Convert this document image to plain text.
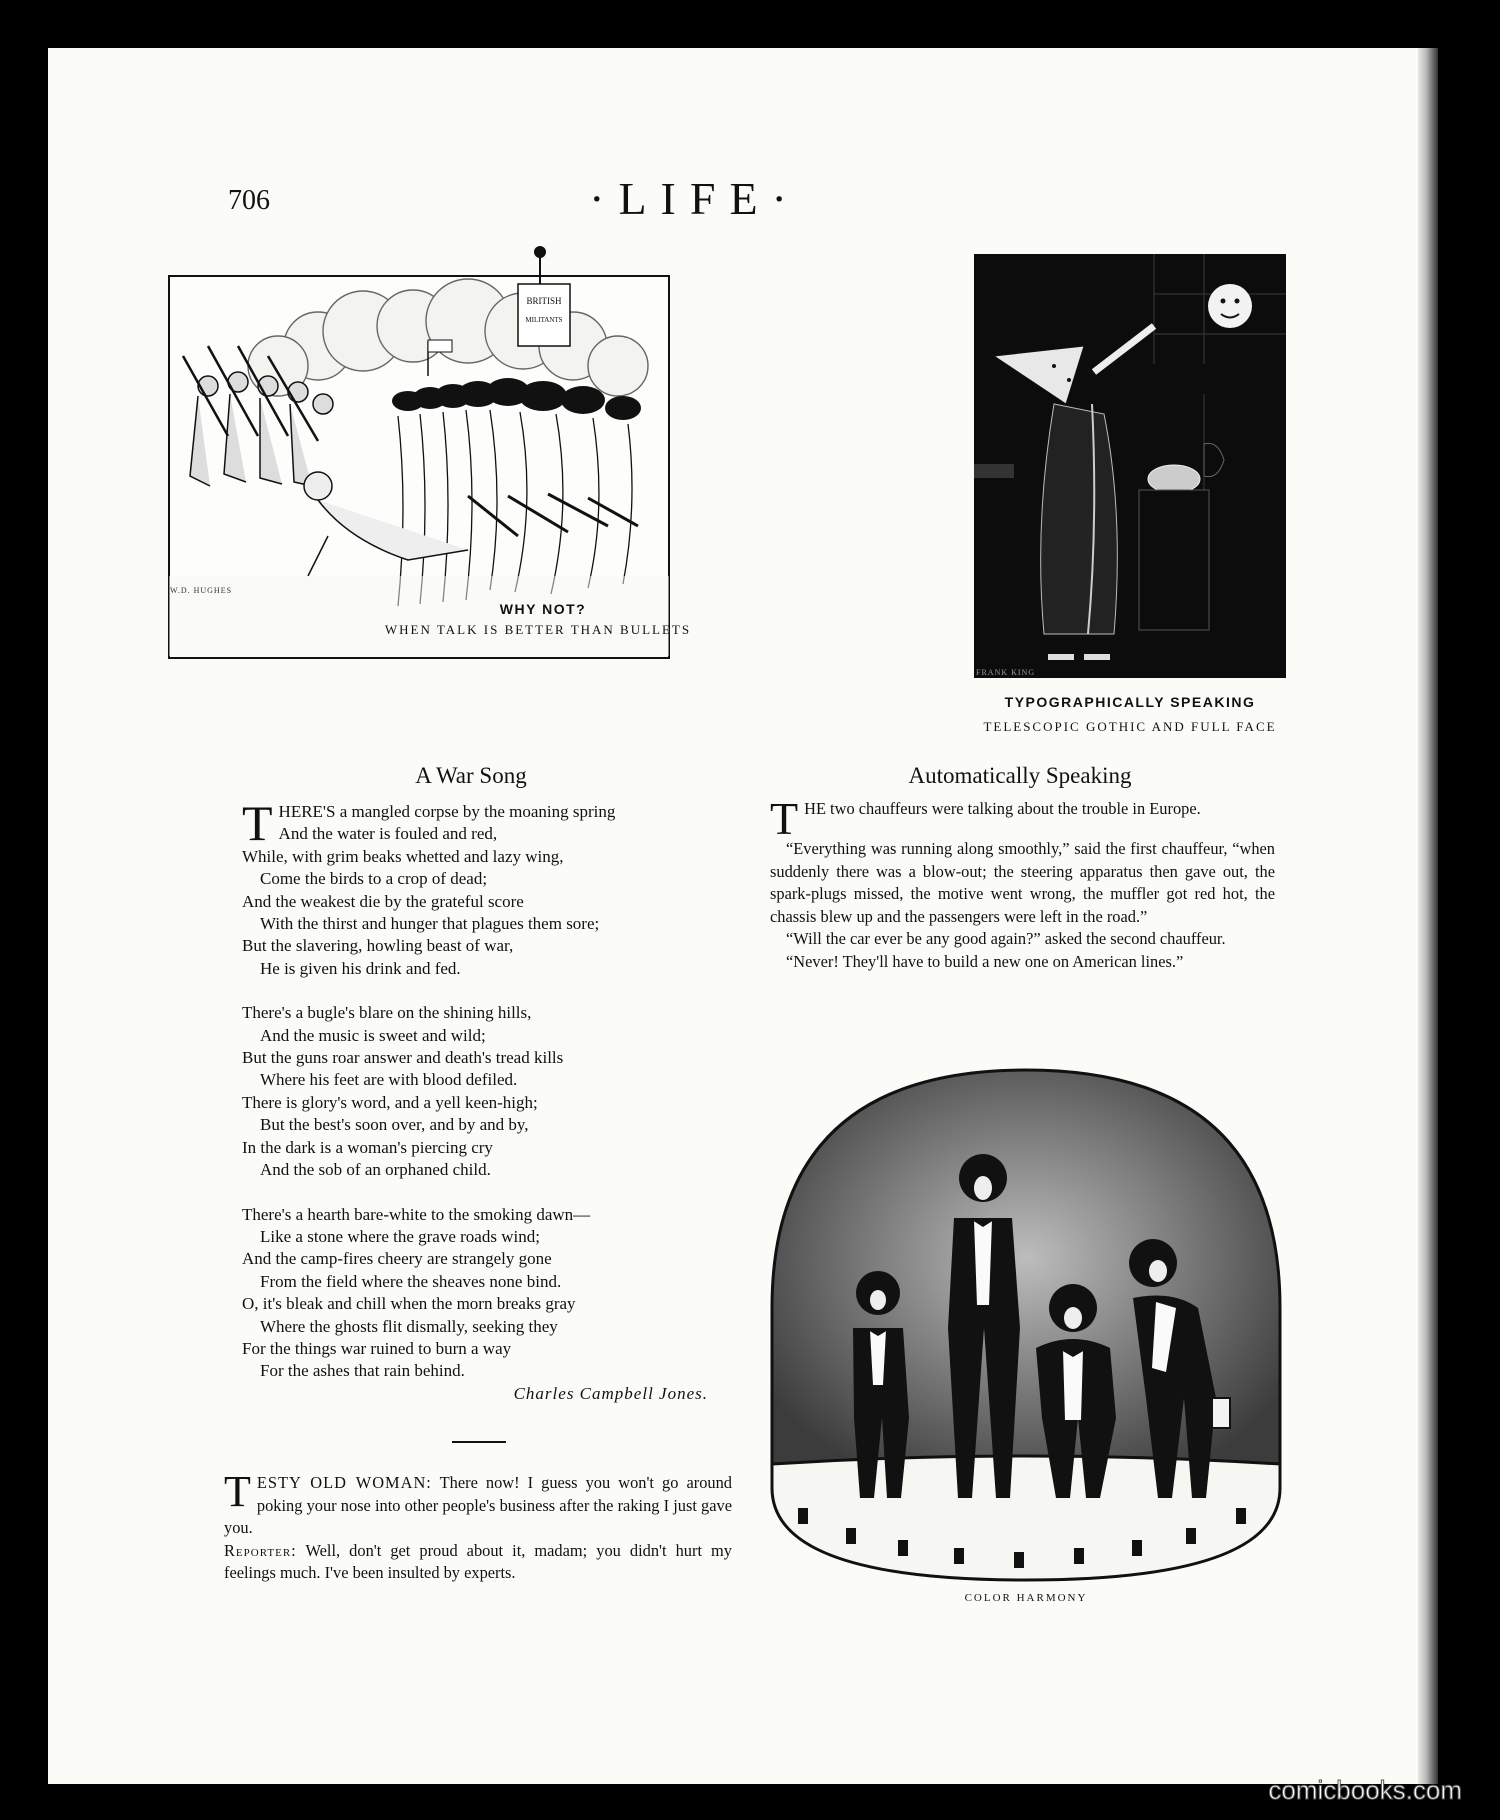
706	·LIFE·
BRITISH
MILITANTS
W.D. HUGHES
WHY NOT?
WHEN TALK IS BETTER THAN BULLETS
FRANK KING
TYPOGRAPHICALLY SPEAKING
TELESCOPIC GOTHIC AND FULL FACE
A War Song
T HERE'S a mangled corpse by the moaning spring
And the water is fouled and red,
While, with grim beaks whetted and lazy wing,
Come the birds to a crop of dead;
And the weakest die by the grateful score
With the thirst and hunger that plagues them sore;
But the slavering, howling beast of war,
He is given his drink and fed.
There's a bugle's blare on the shining hills,
And the music is sweet and wild;
But the guns roar answer and death's tread kills
Where his feet are with blood defiled.
There is glory's word, and a yell keen-high;
But the best's soon over, and by and by,
In the dark is a woman's piercing cry
And the sob of an orphaned child.
There's a hearth bare-white to the smoking dawn—
Like a stone where the grave roads wind;
And the camp-fires cheery are strangely gone
From the field where the sheaves none bind.
O, it's bleak and chill when the morn breaks gray
Where the ghosts flit dismally, seeking they
For the things war ruined to burn a way
For the ashes that rain behind.
Charles Campbell Jones.

TESTY OLD WOMAN: There now! I guess you won't go around poking your nose into other people's business after the raking I just gave you.

Reporter: Well, don't get proud about it, madam; you didn't hurt my feelings much. I've been insulted by experts.

Automatically Speaking

THE two chauffeurs were talking about the trouble in Europe.

“Everything was running along smoothly,” said the first chauffeur, “when suddenly there was a blow-out; the steering apparatus then gave out, the spark-plugs missed, the motive went wrong, the muffler got red hot, the chassis blew up and the passengers were left in the road.”

“Will the car ever be any good again?” asked the second chauffeur.

“Never! They'll have to build a new one on American lines.”

COLOR HARMONY
comicbooks.com
